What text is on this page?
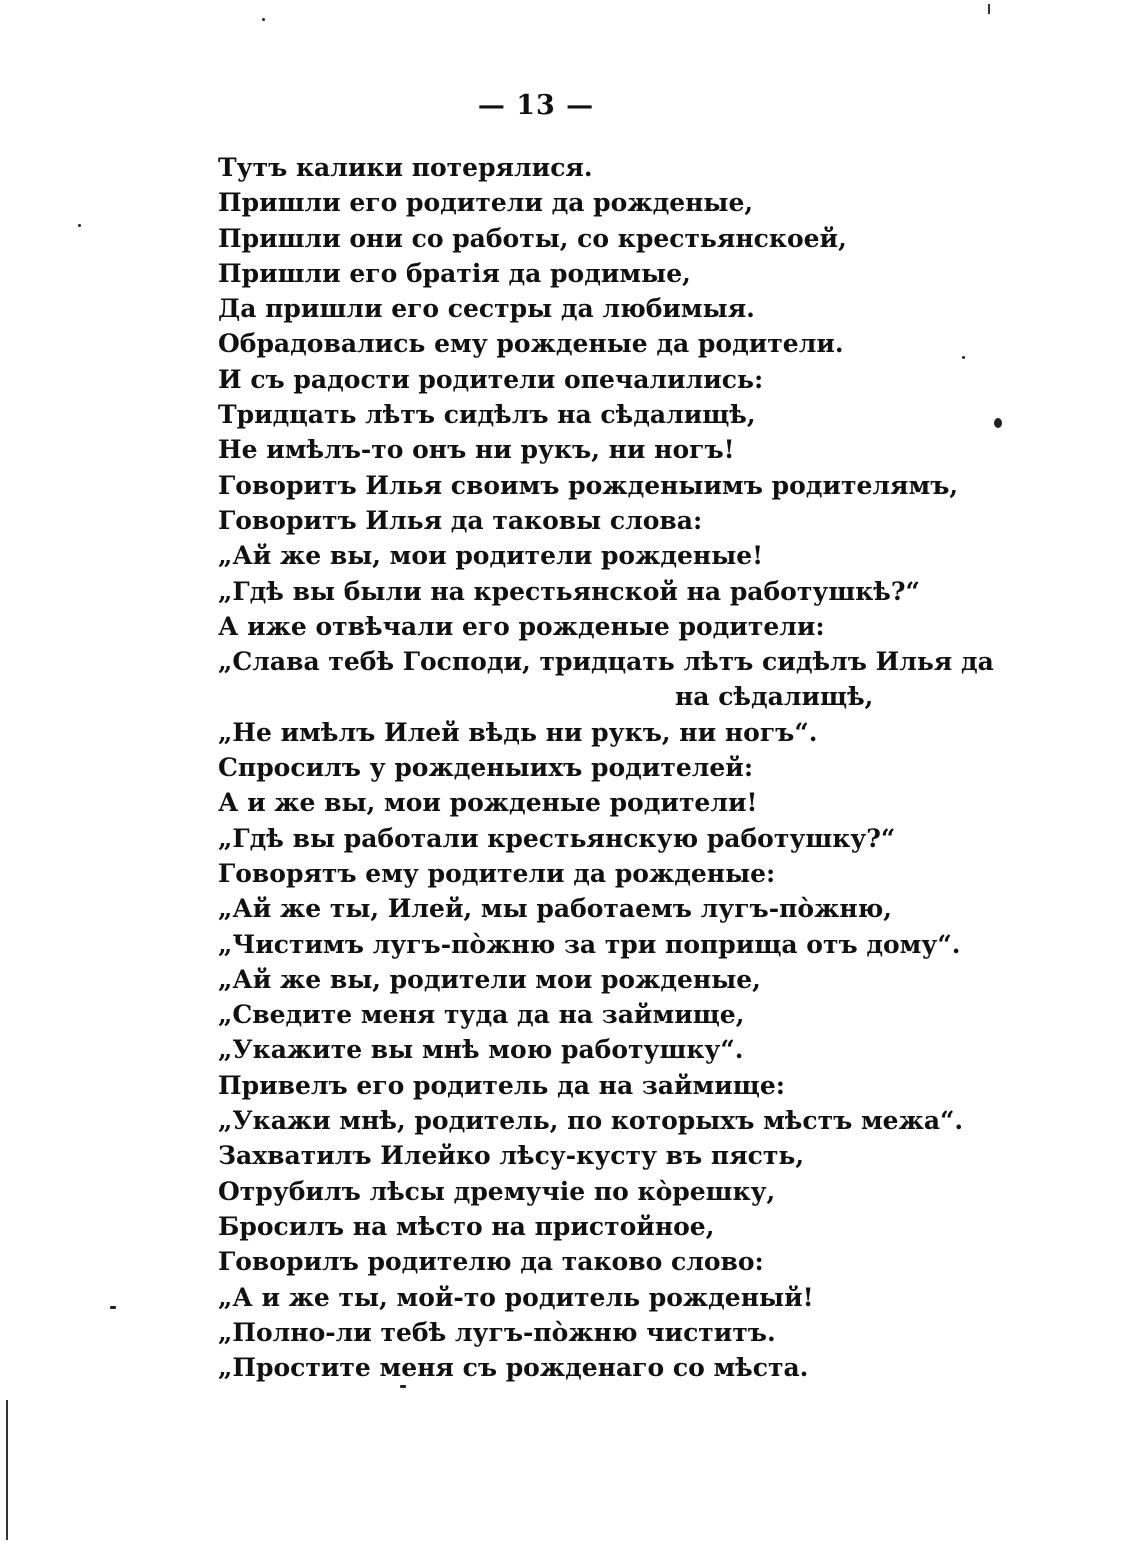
— 13 —
Тутъ калики потерялися.
Пришли его родители да рожденые,
Пришли они со работы, со крестьянскоей,
Пришли его братія да родимые,
Да пришли его сестры да любимыя.
Обрадовались ему рожденые да родители.
И съ радости родители опечалились:
Тридцать лѣтъ сидѣлъ на сѣдалищѣ,
Не имѣлъ-то онъ ни рукъ, ни ногъ!
Говоритъ Илья своимъ рожденыимъ родителямъ,
Говоритъ Илья да таковы слова:
„Ай же вы, мои родители рожденые!
„Гдѣ вы были на крестьянской на работушкѣ?“
А иже отвѣчали его рожденые родители:
„Слава тебѣ Господи, тридцать лѣтъ сидѣлъ Илья да
на сѣдалищѣ,
„Не имѣлъ Илей вѣдь ни рукъ, ни ногъ“.
Спросилъ у рожденыихъ родителей:
А и же вы, мои рожденые родители!
„Гдѣ вы работали крестьянскую работушку?“
Говорятъ ему родители да рожденые:
„Ай же ты, Илей, мы работаемъ лугъ-пòжню,
„Чистимъ лугъ-пòжню за три поприща отъ дому“.
„Ай же вы, родители мои рожденые,
„Сведите меня туда да на займище,
„Укажите вы мнѣ мою работушку“.
Привелъ его родитель да на займище:
„Укажи мнѣ, родитель, по которыхъ мѣстъ межа“.
Захватилъ Илейко лѣсу-кусту въ пясть,
Отрубилъ лѣсы дремучіе по кòрешку,
Бросилъ на мѣсто на пристойное,
Говорилъ родителю да таково слово:
„А и же ты, мой-то родитель рожденый!
„Полно-ли тебѣ лугъ-пòжню чиститъ.
„Простите меня съ рожденаго со мѣста.
